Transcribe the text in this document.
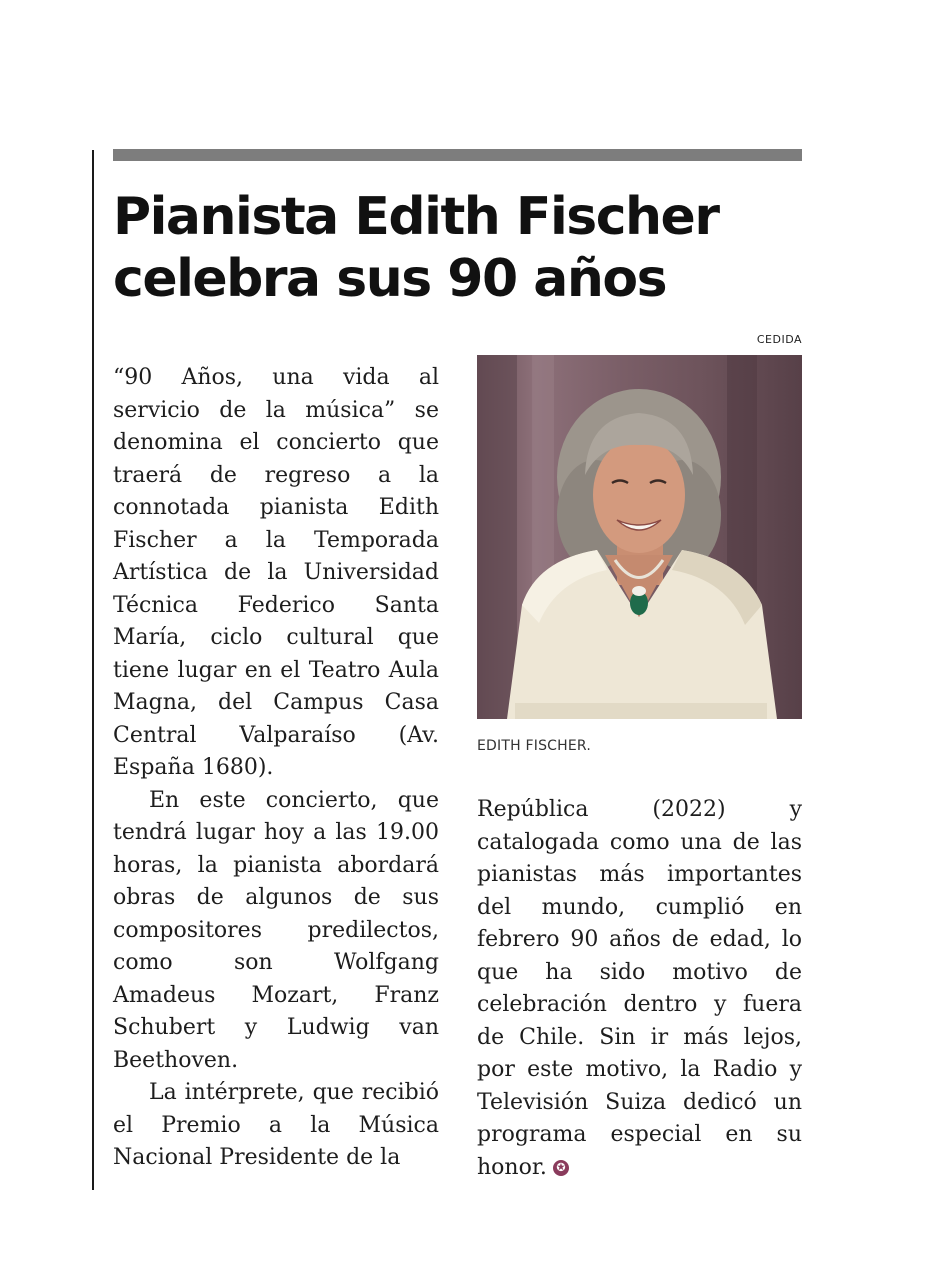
Pianista Edith Fischer
celebra sus 90 años
CEDIDA
EDITH FISCHER.

“90 Años, una vida al servicio de la música” se denomina el concierto que traerá de regreso a la connotada pianista Edith Fischer a la Temporada Artística de la Universidad Técnica Federico Santa María, ciclo cultural que tiene lugar en el Teatro Aula Magna, del Campus Casa Central Valparaíso (Av. España 1680).

En este concierto, que tendrá lugar hoy a las 19.00 horas, la pianista abordará obras de algunos de sus compositores predilectos, como son Wolfgang Amadeus Mozart, Franz Schubert y Ludwig van Beethoven.

La intérprete, que recibió el Premio a la Música Nacional Presidente de la

República (2022) y catalogada como una de las pianistas más importantes del mundo, cumplió en febrero 90 años de edad, lo que ha sido motivo de celebración dentro y fuera de Chile. Sin ir más lejos, por este motivo, la Radio y Televisión Suiza dedicó un programa especial en su honor. ✪
